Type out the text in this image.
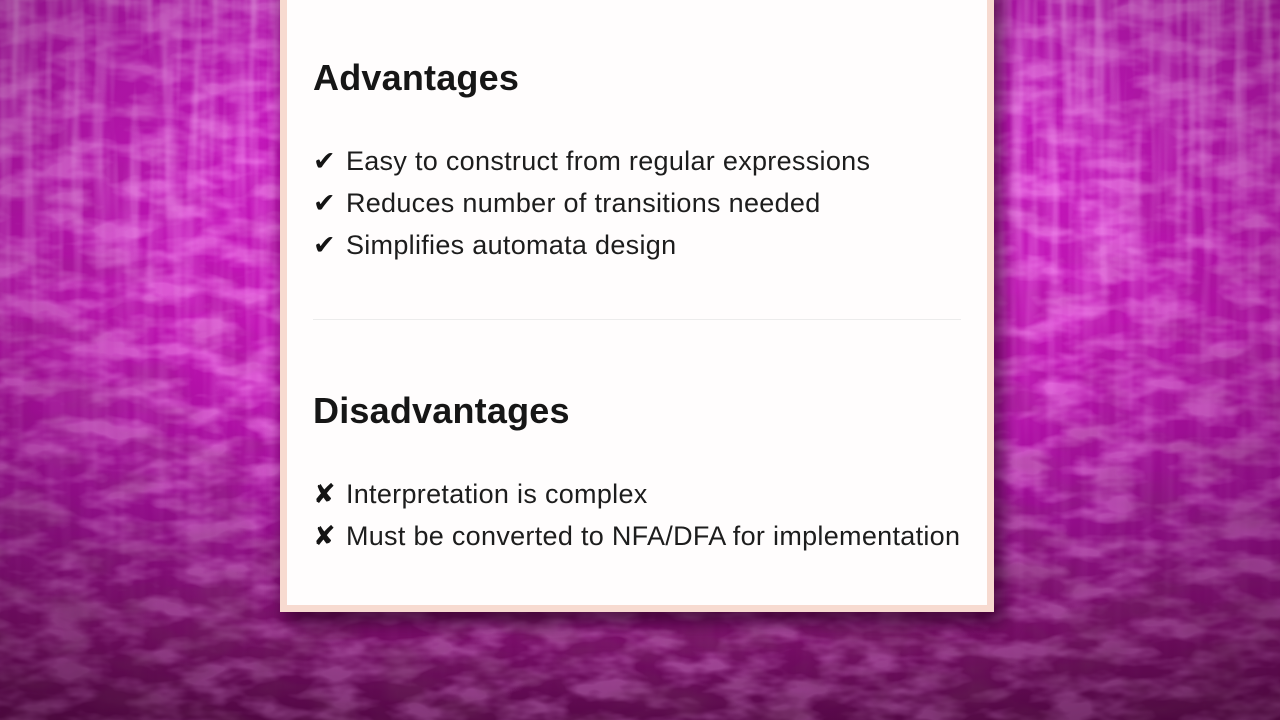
Advantages
✔ Easy to construct from regular expressions
✔ Reduces number of transitions needed
✔ Simplifies automata design
Disadvantages
✘ Interpretation is complex
✘ Must be converted to NFA/DFA for implementation
